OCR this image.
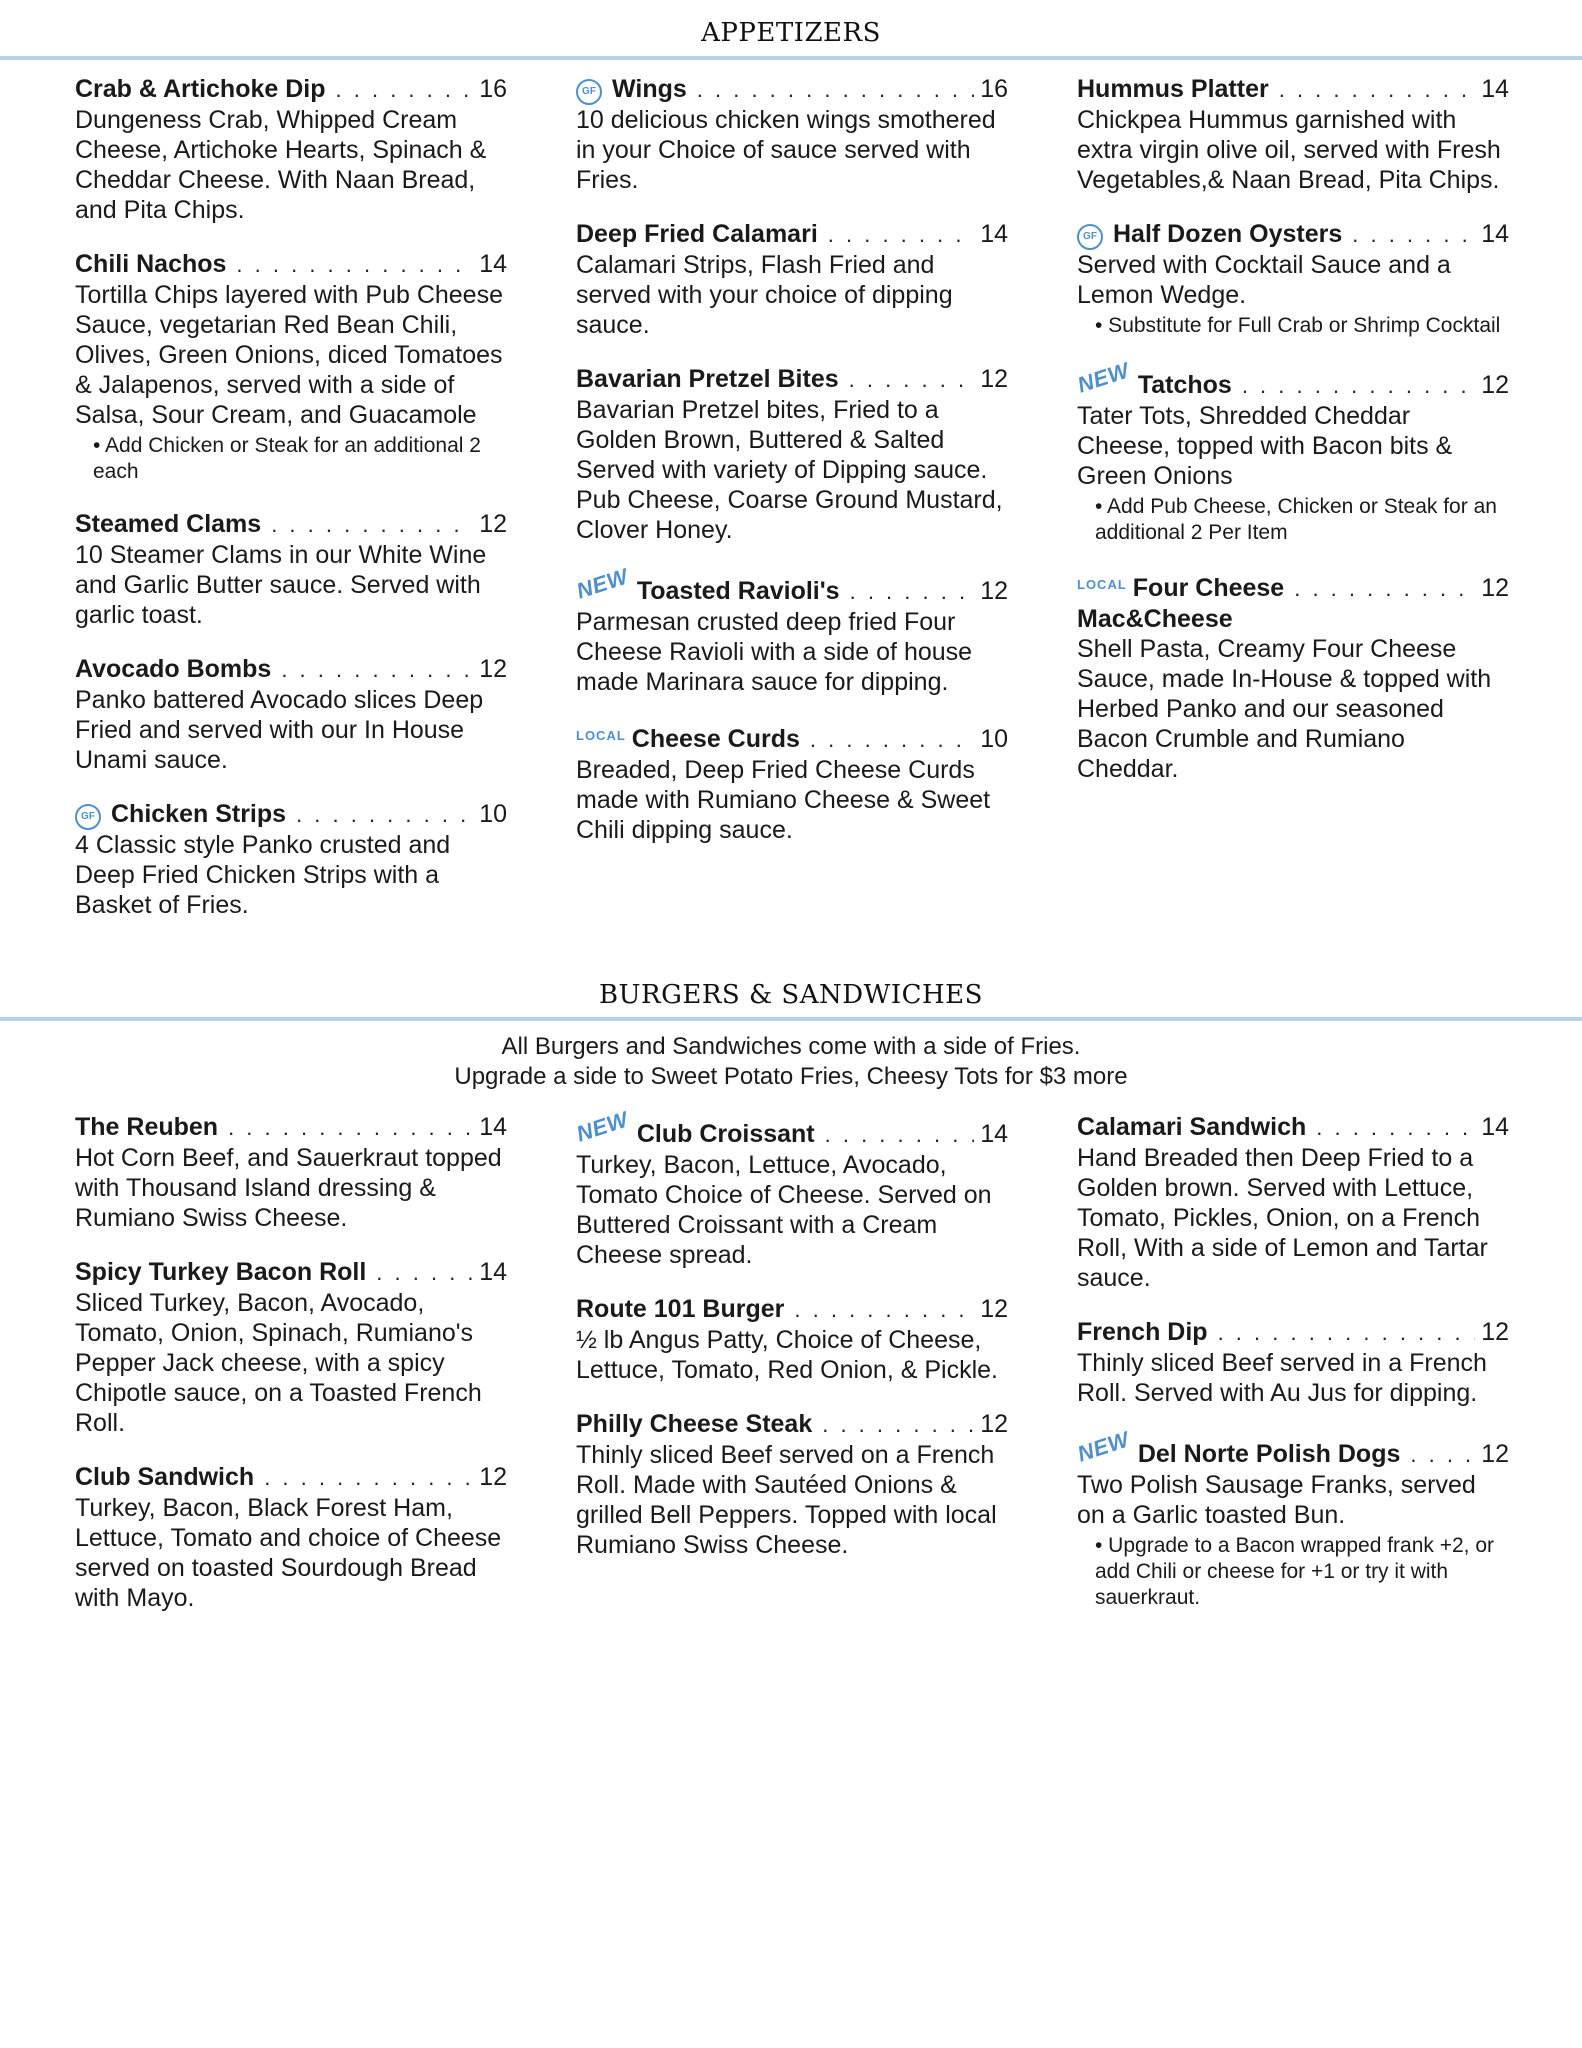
APPETIZERS
Crab & Artichoke Dip . . .	16
Dungeness Crab, Whipped Cream Cheese, Artichoke Hearts, Spinach & Cheddar Cheese. With Naan Bread, and Pita Chips.
Chili Nachos . . .	14
Tortilla Chips layered with Pub Cheese Sauce, vegetarian Red Bean Chili, Olives, Green Onions, diced Tomatoes & Jalapenos, served with a side of Salsa, Sour Cream, and Guacamole
• Add Chicken or Steak for an additional 2 each
Steamed Clams . . .	12
10 Steamer Clams in our White Wine and Garlic Butter sauce. Served with garlic toast.
Avocado Bombs . . .	12
Panko battered Avocado slices Deep Fried and served with our In House Unami sauce.
GF Chicken Strips . . .	10
4 Classic style Panko crusted and Deep Fried Chicken Strips with a Basket of Fries.
GF Wings . . .	16
10 delicious chicken wings smothered in your Choice of sauce served with Fries.
Deep Fried Calamari . . .	14
Calamari Strips, Flash Fried and served with your choice of dipping sauce.
Bavarian Pretzel Bites . . .	12
Bavarian Pretzel bites, Fried to a Golden Brown, Buttered & Salted Served with variety of Dipping sauce. Pub Cheese, Coarse Ground Mustard, Clover Honey.
NEW Toasted Ravioli's . . .	12
Parmesan crusted deep fried Four Cheese Ravioli with a side of house made Marinara sauce for dipping.
LOCAL Cheese Curds . . .	10
Breaded, Deep Fried Cheese Curds made with Rumiano Cheese & Sweet Chili dipping sauce.
Hummus Platter . . .	14
Chickpea Hummus garnished with extra virgin olive oil, served with Fresh Vegetables,& Naan Bread, Pita Chips.
GF Half Dozen Oysters . . .	14
Served with Cocktail Sauce and a Lemon Wedge.
• Substitute for Full Crab or Shrimp Cocktail
NEW Tatchos . . .	12
Tater Tots, Shredded Cheddar Cheese, topped with Bacon bits & Green Onions
• Add Pub Cheese, Chicken or Steak for an additional 2 Per Item
LOCAL Four Cheese . . .	12
Mac&Cheese
Shell Pasta, Creamy Four Cheese Sauce, made In-House & topped with Herbed Panko and our seasoned Bacon Crumble and Rumiano Cheddar.
BURGERS & SANDWICHES
All Burgers and Sandwiches come with a side of Fries.
Upgrade a side to Sweet Potato Fries, Cheesy Tots for $3 more
The Reuben . . .	14
Hot Corn Beef, and Sauerkraut topped with Thousand Island dressing & Rumiano Swiss Cheese.
Spicy Turkey Bacon Roll . . .	14
Sliced Turkey, Bacon, Avocado, Tomato, Onion, Spinach, Rumiano's Pepper Jack cheese, with a spicy Chipotle sauce, on a Toasted French Roll.
Club Sandwich . . .	12
Turkey, Bacon, Black Forest Ham, Lettuce, Tomato and choice of Cheese served on toasted Sourdough Bread with Mayo.
NEW Club Croissant . . .	14
Turkey, Bacon, Lettuce, Avocado, Tomato Choice of Cheese. Served on Buttered Croissant with a Cream Cheese spread.
Route 101 Burger . . .	12
½ lb Angus Patty, Choice of Cheese, Lettuce, Tomato, Red Onion, & Pickle.
Philly Cheese Steak . . .	12
Thinly sliced Beef served on a French Roll. Made with Sautéed Onions & grilled Bell Peppers. Topped with local Rumiano Swiss Cheese.
Calamari Sandwich . . .	14
Hand Breaded then Deep Fried to a Golden brown. Served with Lettuce, Tomato, Pickles, Onion, on a French Roll, With a side of Lemon and Tartar sauce.
French Dip . . .	12
Thinly sliced Beef served in a French Roll. Served with Au Jus for dipping.
NEW Del Norte Polish Dogs . . .	12
Two Polish Sausage Franks, served on a Garlic toasted Bun.
• Upgrade to a Bacon wrapped frank +2, or add Chili or cheese for +1 or try it with sauerkraut.
